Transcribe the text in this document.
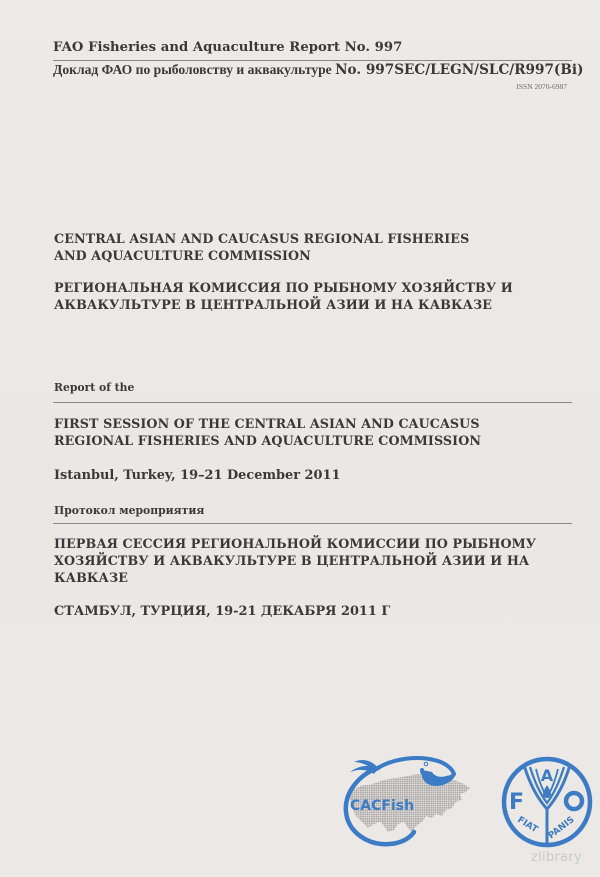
FAO Fisheries and Aquaculture Report No. 997
Доклад ФАО по рыболовству и аквакультуре No. 997SEC/LEGN/SLC/R997(Bi)
ISSN 2070-6987
CENTRAL ASIAN AND CAUCASUS REGIONAL FISHERIES
AND AQUACULTURE COMMISSION
РЕГИОНАЛЬНАЯ КОМИССИЯ ПО РЫБНОМУ ХОЗЯЙСТВУ И
АКВАКУЛЬТУРЕ В ЦЕНТРАЛЬНОЙ АЗИИ И НА КАВКАЗЕ
Report of the
FIRST SESSION OF THE CENTRAL ASIAN AND CAUCASUS
REGIONAL FISHERIES AND AQUACULTURE COMMISSION
Istanbul, Turkey, 19–21 December 2011
Протокол мероприятия
ПЕРВАЯ СЕССИЯ РЕГИОНАЛЬНОЙ КОМИССИИ ПО РЫБНОМУ
ХОЗЯЙСТВУ И АКВАКУЛЬТУРЕ В ЦЕНТРАЛЬНОЙ АЗИИ И НА
КАВКАЗЕ
СТАМБУЛ, ТУРЦИЯ, 19-21 ДЕКАБРЯ 2011 Г
CACFish
A
F
FIAT PANIS
zlibrary
